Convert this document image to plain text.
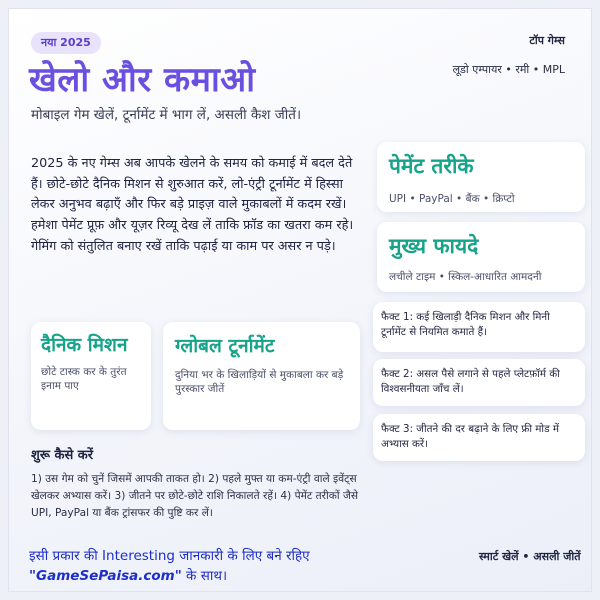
नया 2025	टॉप गेम्स
लूडो एम्पायर • रमी • MPL
खेलो और कमाओ
मोबाइल गेम खेलें, टूर्नामेंट में भाग लें, असली कैश जीतें।
2025 के नए गेम्स अब आपके खेलने के समय को कमाई में बदल देते हैं। छोटे-छोटे दैनिक मिशन से शुरुआत करें, लो-एंट्री टूर्नामेंट में हिस्सा लेकर अनुभव बढ़ाएँ और फिर बड़े प्राइज़ वाले मुकाबलों में कदम रखें। हमेशा पेमेंट प्रूफ़ और यूज़र रिव्यू देख लें ताकि फ्रॉड का खतरा कम रहे। गेमिंग को संतुलित बनाए रखें ताकि पढ़ाई या काम पर असर न पड़े।
पेमेंट तरीके
UPI • PayPal • बैंक • क्रिप्टो
मुख्य फायदे
लचीले टाइम • स्किल-आधारित आमदनी
फैक्ट 1: कई खिलाड़ी दैनिक मिशन और मिनी टूर्नामेंट से नियमित कमाते हैं।
फैक्ट 2: असल पैसे लगाने से पहले प्लेटफ़ॉर्म की विश्वसनीयता जाँच लें।
फैक्ट 3: जीतने की दर बढ़ाने के लिए फ्री मोड में अभ्यास करें।
दैनिक मिशन
छोटे टास्क कर के तुरंत इनाम पाए
ग्लोबल टूर्नामेंट
दुनिया भर के खिलाड़ियों से मुकाबला कर बड़े पुरस्कार जीतें
शुरू कैसे करें
1) उस गेम को चुनें जिसमें आपकी ताकत हो। 2) पहले मुफ्त या कम-एंट्री वाले इवेंट्स खेलकर अभ्यास करें। 3) जीतने पर छोटे-छोटे राशि निकालते रहें। 4) पेमेंट तरीकों जैसे UPI, PayPal या बैंक ट्रांसफर की पुष्टि कर लें।
इसी प्रकार की Interesting जानकारी के लिए बने रहिए
"GameSePaisa.com" के साथ।
स्मार्ट खेलें • असली जीतें
